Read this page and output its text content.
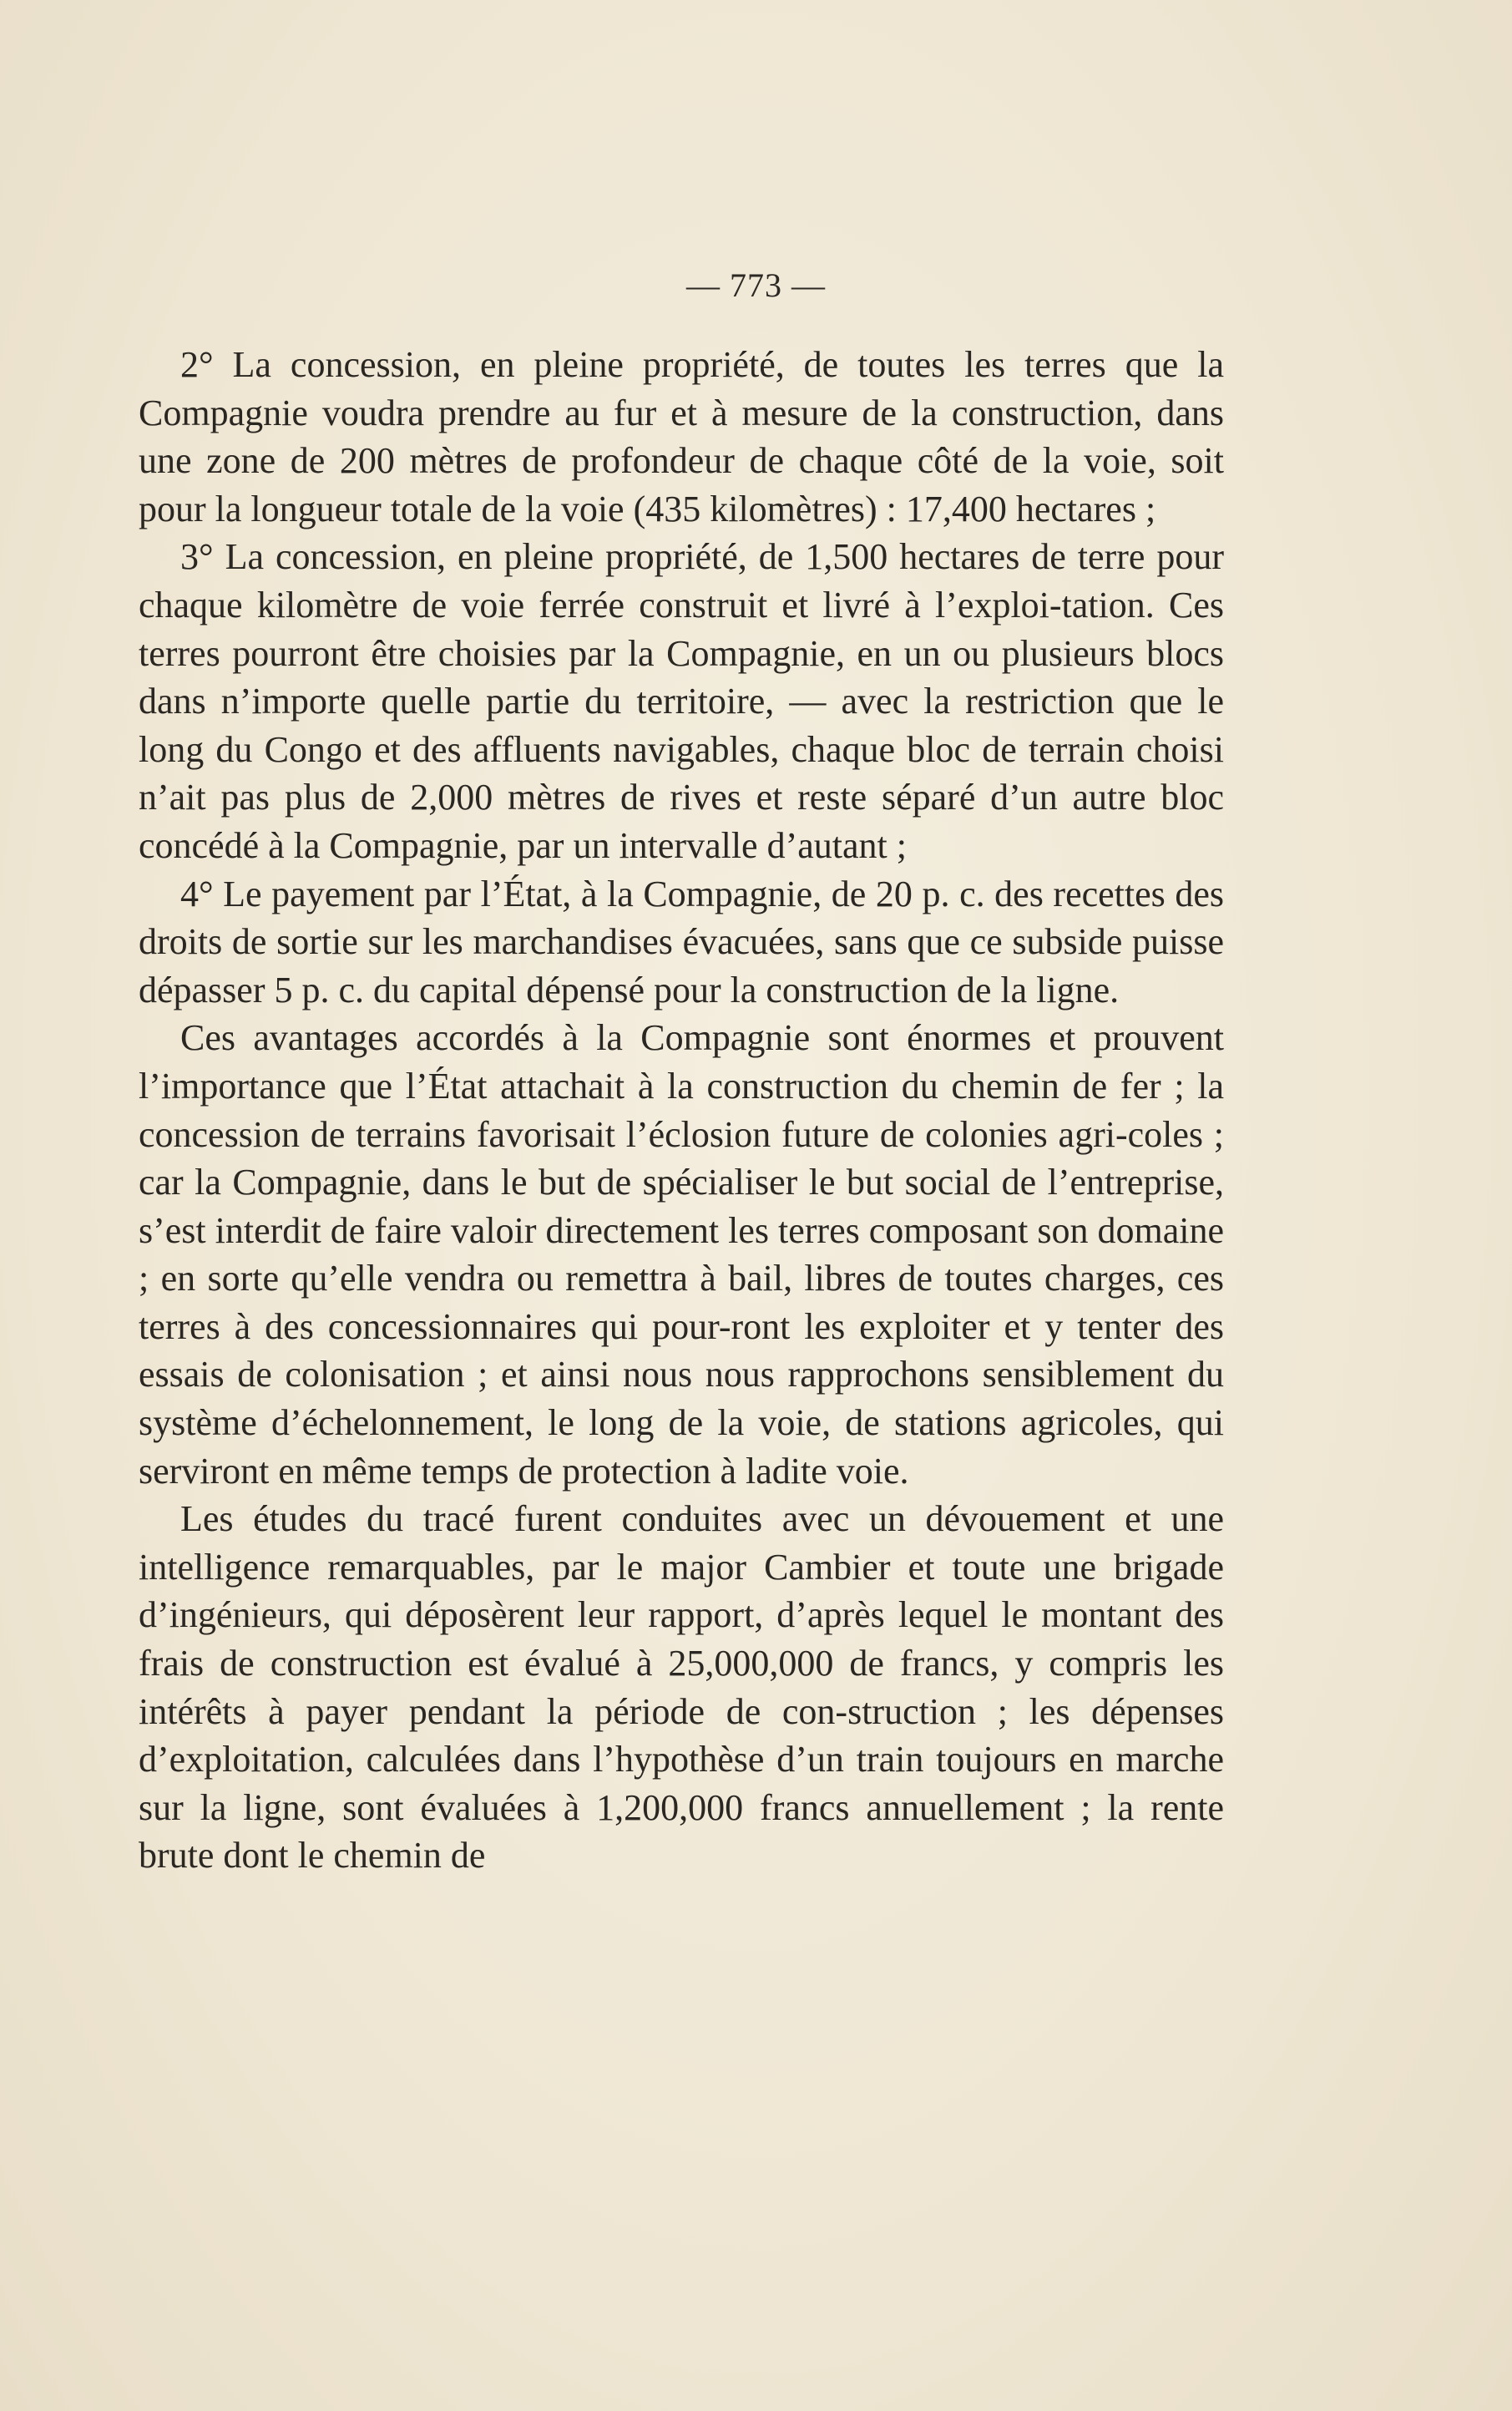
— 773 —

2° La concession, en pleine propriété, de toutes les terres que la Compagnie voudra prendre au fur et à mesure de la construction, dans une zone de 200 mètres de profondeur de chaque côté de la voie, soit pour la longueur totale de la voie (435 kilomètres) : 17,400 hectares ;

3° La concession, en pleine propriété, de 1,500 hectares de terre pour chaque kilomètre de voie ferrée construit et livré à l’exploi-tation. Ces terres pourront être choisies par la Compagnie, en un ou plusieurs blocs dans n’importe quelle partie du territoire, — avec la restriction que le long du Congo et des affluents navigables, chaque bloc de terrain choisi n’ait pas plus de 2,000 mètres de rives et reste séparé d’un autre bloc concédé à la Compagnie, par un intervalle d’autant ;

4° Le payement par l’État, à la Compagnie, de 20 p. c. des recettes des droits de sortie sur les marchandises évacuées, sans que ce subside puisse dépasser 5 p. c. du capital dépensé pour la construction de la ligne.

Ces avantages accordés à la Compagnie sont énormes et prouvent l’importance que l’État attachait à la construction du chemin de fer ; la concession de terrains favorisait l’éclosion future de colonies agri-coles ; car la Compagnie, dans le but de spécialiser le but social de l’entreprise, s’est interdit de faire valoir directement les terres composant son domaine ; en sorte qu’elle vendra ou remettra à bail, libres de toutes charges, ces terres à des concessionnaires qui pour-ront les exploiter et y tenter des essais de colonisation ; et ainsi nous nous rapprochons sensiblement du système d’échelonnement, le long de la voie, de stations agricoles, qui serviront en même temps de protection à ladite voie.

Les études du tracé furent conduites avec un dévouement et une intelligence remarquables, par le major Cambier et toute une brigade d’ingénieurs, qui déposèrent leur rapport, d’après lequel le montant des frais de construction est évalué à 25,000,000 de francs, y compris les intérêts à payer pendant la période de con-struction ; les dépenses d’exploitation, calculées dans l’hypothèse d’un train toujours en marche sur la ligne, sont évaluées à 1,200,000 francs annuellement ; la rente brute dont le chemin de
